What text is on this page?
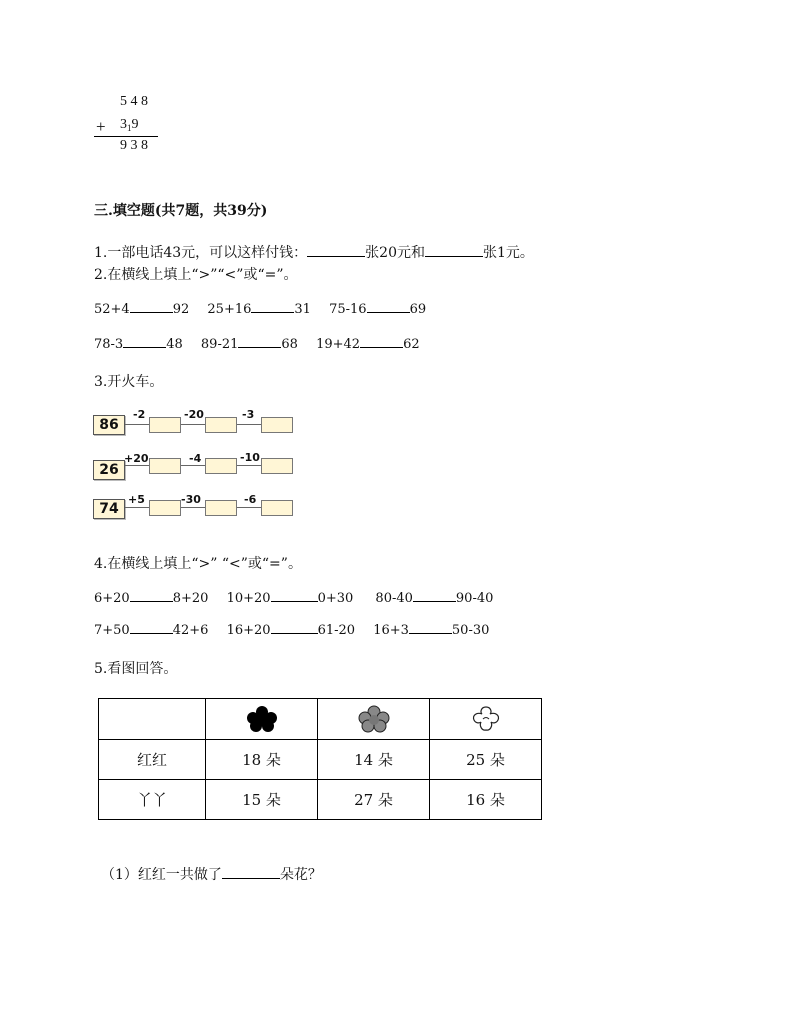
5 4 8
+ $3_19$
9 3 8
三.填空题(共7题，共39分)
1.一部电话43元，可以这样付钱：	张20元和	张1元。
2.在横线上填上“>”“<”或“=”。
52+4	92 25+16	31 75-16	69
78-3	48 89-21	68 19+42	62
3.开火车。
86
-2	-20	-3
26
+20	-4	-10
74
+5	-30	-6
4.在横线上填上“>” “<”或“=”。
6+20	8+20 10+20	0+30 80-40	90-40
7+50	42+6 16+20	61-20 16+3	50-30
5.看图回答。

红红	18 朵	14 朵	25 朵
丫丫	15 朵	27 朵	16 朵
（1）红红一共做了	朵花？
